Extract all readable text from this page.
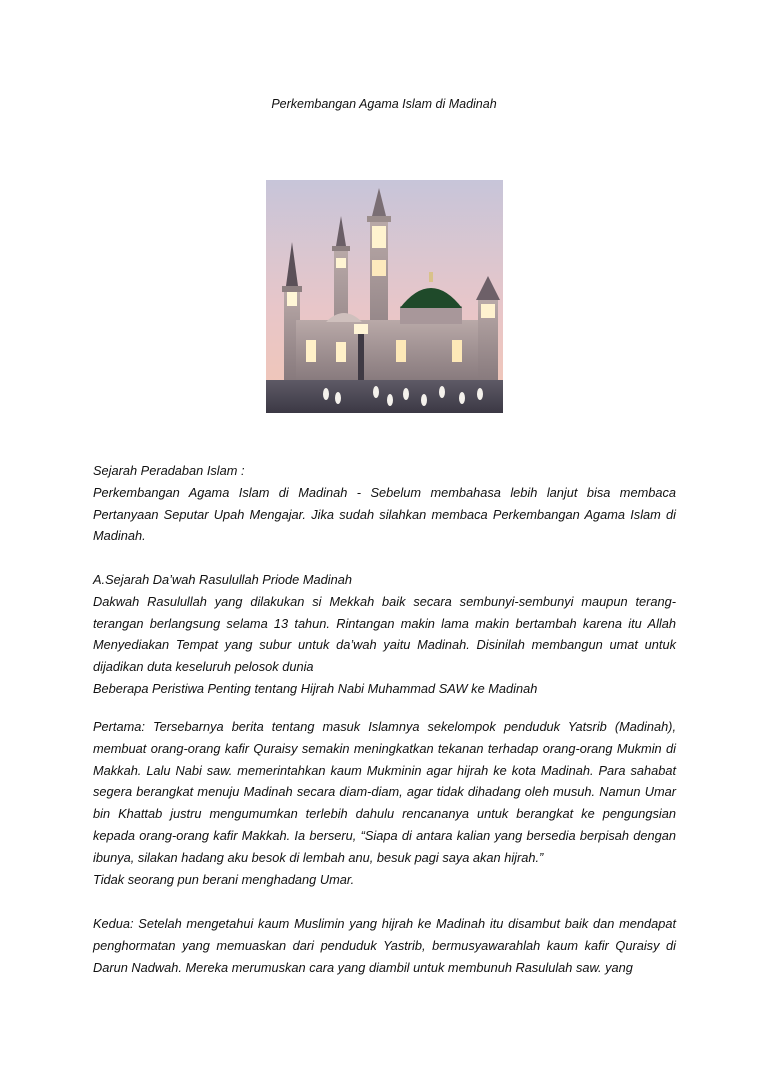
Perkembangan Agama Islam di Madinah

Sejarah Peradaban Islam :

Perkembangan Agama Islam di Madinah - Sebelum membahasa lebih lanjut bisa membaca Pertanyaan Seputar Upah Mengajar. Jika sudah silahkan membaca Perkembangan Agama Islam di Madinah.

A.Sejarah Da’wah Rasulullah Priode Madinah

Dakwah Rasulullah yang dilakukan si Mekkah baik secara sembunyi-sembunyi maupun terang-terangan berlangsung selama 13 tahun. Rintangan makin lama makin bertambah karena itu Allah Menyediakan Tempat yang subur untuk da’wah yaitu Madinah. Disinilah membangun umat untuk dijadikan duta keseluruh pelosok dunia

Beberapa Peristiwa Penting tentang Hijrah Nabi Muhammad SAW ke Madinah

Pertama: Tersebarnya berita tentang masuk Islamnya sekelompok penduduk Yatsrib (Madinah), membuat orang-orang kafir Quraisy semakin meningkatkan tekanan terhadap orang-orang Mukmin di Makkah. Lalu Nabi saw. memerintahkan kaum Mukminin agar hijrah ke kota Madinah. Para sahabat segera berangkat menuju Madinah secara diam-diam, agar tidak dihadang oleh musuh. Namun Umar bin Khattab justru mengumumkan terlebih dahulu rencananya untuk berangkat ke pengungsian kepada orang-orang kafir Makkah. Ia berseru, “Siapa di antara kalian yang bersedia berpisah dengan ibunya, silakan hadang aku besok di lembah anu, besuk pagi saya akan hijrah.”

Tidak seorang pun berani menghadang Umar.

Kedua: Setelah mengetahui kaum Muslimin yang hijrah ke Madinah itu disambut baik dan mendapat penghormatan yang memuaskan dari penduduk Yastrib, bermusyawarahlah kaum kafir Quraisy di Darun Nadwah. Mereka merumuskan cara yang diambil untuk membunuh Rasululah saw. yang
